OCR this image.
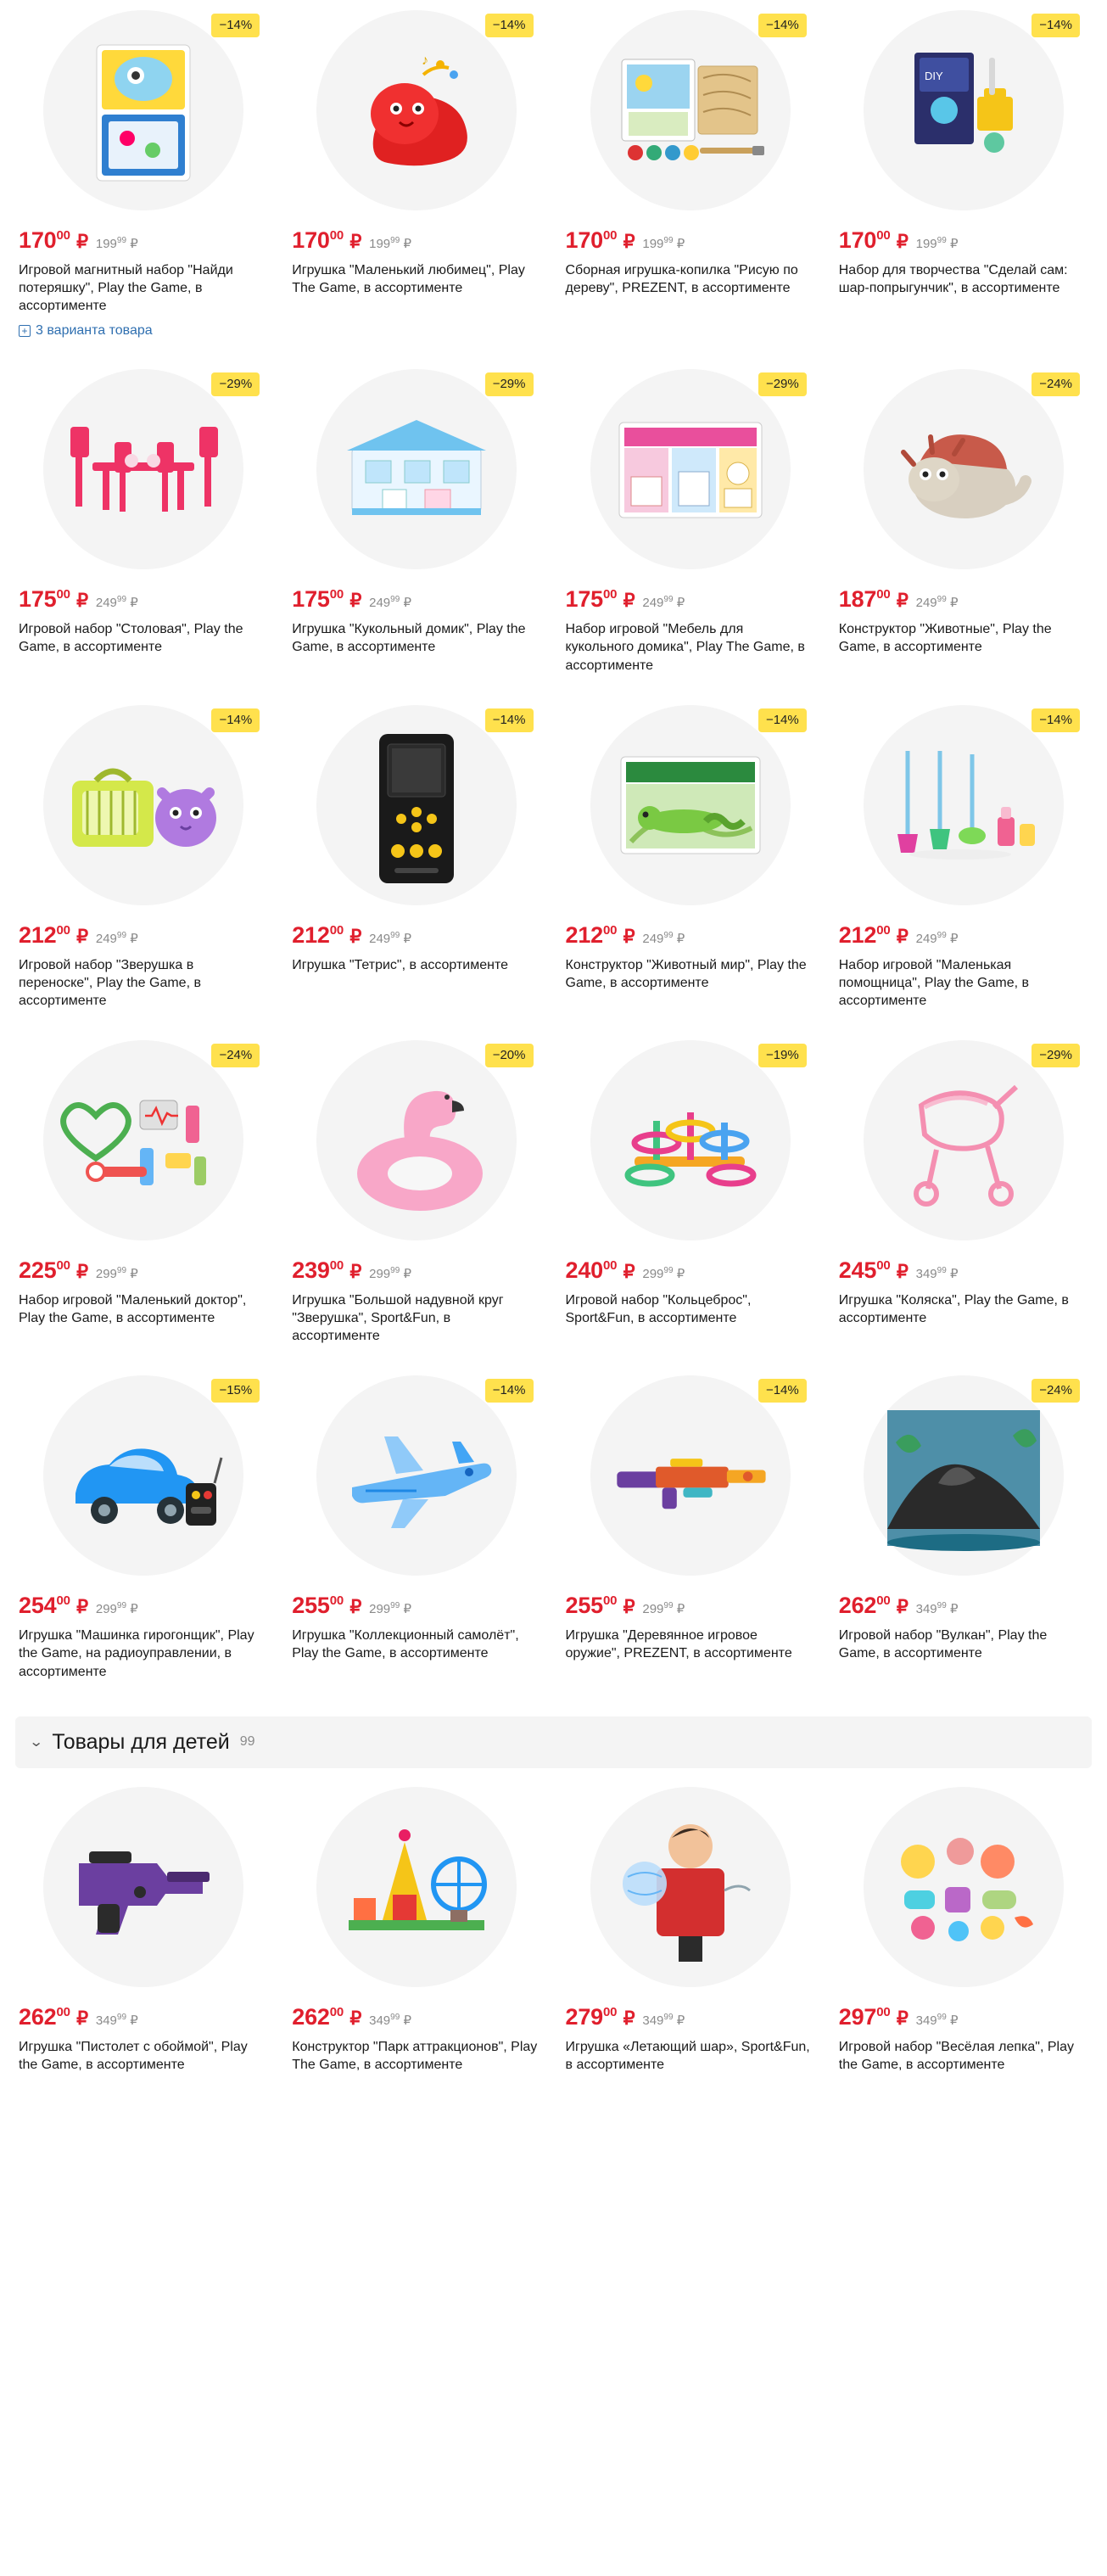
−14%
$170^{00}$ ₽ $199^{99}$ ₽
Игровой магнитный набор "Найди потеряшку", Play the Game, в ассортименте
+ 3 варианта товара
−14%
♪
$170^{00}$ ₽ $199^{99}$ ₽
Игрушка "Маленький любимец", Play The Game, в ассортименте
−14%
$170^{00}$ ₽ $199^{99}$ ₽
Сборная игрушка-копилка "Рисую по дереву", PREZENT, в ассортименте
−14%
DIY
$170^{00}$ ₽ $199^{99}$ ₽
Набор для творчества "Сделай сам: шар-попрыгунчик", в ассортименте
−29%
$175^{00}$ ₽ $249^{99}$ ₽
Игровой набор "Столовая", Play the Game, в ассортименте
−29%
$175^{00}$ ₽ $249^{99}$ ₽
Игрушка "Кукольный домик", Play the Game, в ассортименте
−29%
$175^{00}$ ₽ $249^{99}$ ₽
Набор игровой "Мебель для кукольного домика", Play The Game, в ассортименте
−24%
$187^{00}$ ₽ $249^{99}$ ₽
Конструктор "Животные", Play the Game, в ассортименте
−14%
$212^{00}$ ₽ $249^{99}$ ₽
Игровой набор "Зверушка в переноске", Play the Game, в ассортименте
−14%
$212^{00}$ ₽ $249^{99}$ ₽
Игрушка "Тетрис", в ассортименте
−14%
$212^{00}$ ₽ $249^{99}$ ₽
Конструктор "Животный мир", Play the Game, в ассортименте
−14%
$212^{00}$ ₽ $249^{99}$ ₽
Набор игровой "Маленькая помощница", Play the Game, в ассортименте
−24%
$225^{00}$ ₽ $299^{99}$ ₽
Набор игровой "Маленький доктор", Play the Game, в ассортименте
−20%
$239^{00}$ ₽ $299^{99}$ ₽
Игрушка "Большой надувной круг "Зверушка", Sport&Fun, в ассортименте
−19%
$240^{00}$ ₽ $299^{99}$ ₽
Игровой набор "Кольцеброс", Sport&Fun, в ассортименте
−29%
$245^{00}$ ₽ $349^{99}$ ₽
Игрушка "Коляска", Play the Game, в ассортименте
−15%
$254^{00}$ ₽ $299^{99}$ ₽
Игрушка "Машинка гирогонщик", Play the Game, на радиоуправлении, в ассортименте
−14%
$255^{00}$ ₽ $299^{99}$ ₽
Игрушка "Коллекционный самолёт", Play the Game, в ассортименте
−14%
$255^{00}$ ₽ $299^{99}$ ₽
Игрушка "Деревянное игровое оружие", PREZENT, в ассортименте
−24%
$262^{00}$ ₽ $349^{99}$ ₽
Игровой набор "Вулкан", Play the Game, в ассортименте
⌄ Товары для детей 99
$262^{00}$ ₽ $349^{99}$ ₽
Игрушка "Пистолет с обоймой", Play the Game, в ассортименте
$262^{00}$ ₽ $349^{99}$ ₽
Конструктор "Парк аттракционов", Play The Game, в ассортименте
$279^{00}$ ₽ $349^{99}$ ₽
Игрушка «Летающий шар», Sport&Fun, в ассортименте
$297^{00}$ ₽ $349^{99}$ ₽
Игровой набор "Весёлая лепка", Play the Game, в ассортименте
